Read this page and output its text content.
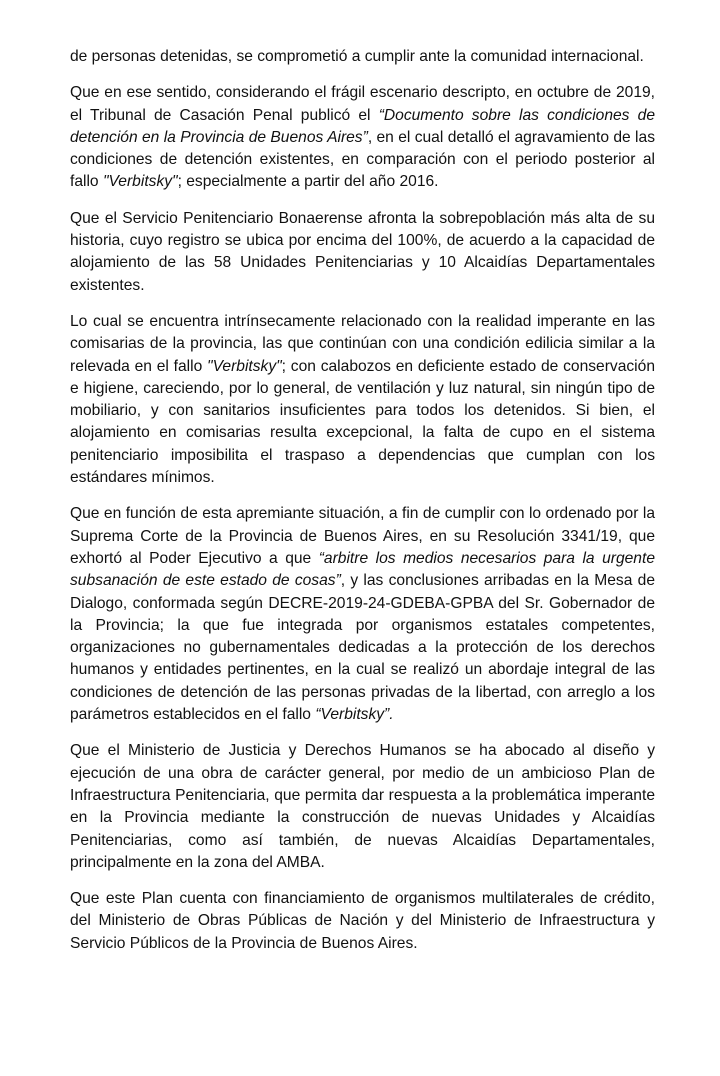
de personas detenidas, se comprometió a cumplir ante la comunidad internacional.

Que en ese sentido, considerando el frágil escenario descripto, en octubre de 2019, el Tribunal de Casación Penal publicó el “Documento sobre las condiciones de detención en la Provincia de Buenos Aires”, en el cual detalló el agravamiento de las condiciones de detención existentes, en comparación con el periodo posterior al fallo "Verbitsky"; especialmente a partir del año 2016.

Que el Servicio Penitenciario Bonaerense afronta la sobrepoblación más alta de su historia, cuyo registro se ubica por encima del 100%, de acuerdo a la capacidad de alojamiento de las 58 Unidades Penitenciarias y 10 Alcaidías Departamentales existentes.

Lo cual se encuentra intrínsecamente relacionado con la realidad imperante en las comisarias de la provincia, las que continúan con una condición edilicia similar a la relevada en el fallo "Verbitsky"; con calabozos en deficiente estado de conservación e higiene, careciendo, por lo general, de ventilación y luz natural, sin ningún tipo de mobiliario, y con sanitarios insuficientes para todos los detenidos. Si bien, el alojamiento en comisarias resulta excepcional, la falta de cupo en el sistema penitenciario imposibilita el traspaso a dependencias que cumplan con los estándares mínimos.

Que en función de esta apremiante situación, a fin de cumplir con lo ordenado por la Suprema Corte de la Provincia de Buenos Aires, en su Resolución 3341/19, que exhortó al Poder Ejecutivo a que “arbitre los medios necesarios para la urgente subsanación de este estado de cosas”, y las conclusiones arribadas en la Mesa de Dialogo, conformada según DECRE-2019-24-GDEBA-GPBA del Sr. Gobernador de la Provincia; la que fue integrada por organismos estatales competentes, organizaciones no gubernamentales dedicadas a la protección de los derechos humanos y entidades pertinentes, en la cual se realizó un abordaje integral de las condiciones de detención de las personas privadas de la libertad, con arreglo a los parámetros establecidos en el fallo “Verbitsky”.

Que el Ministerio de Justicia y Derechos Humanos se ha abocado al diseño y ejecución de una obra de carácter general, por medio de un ambicioso Plan de Infraestructura Penitenciaria, que permita dar respuesta a la problemática imperante en la Provincia mediante la construcción de nuevas Unidades y Alcaidías Penitenciarias, como así también, de nuevas Alcaidías Departamentales, principalmente en la zona del AMBA.

Que este Plan cuenta con financiamiento de organismos multilaterales de crédito, del Ministerio de Obras Públicas de Nación y del Ministerio de Infraestructura y Servicio Públicos de la Provincia de Buenos Aires.
